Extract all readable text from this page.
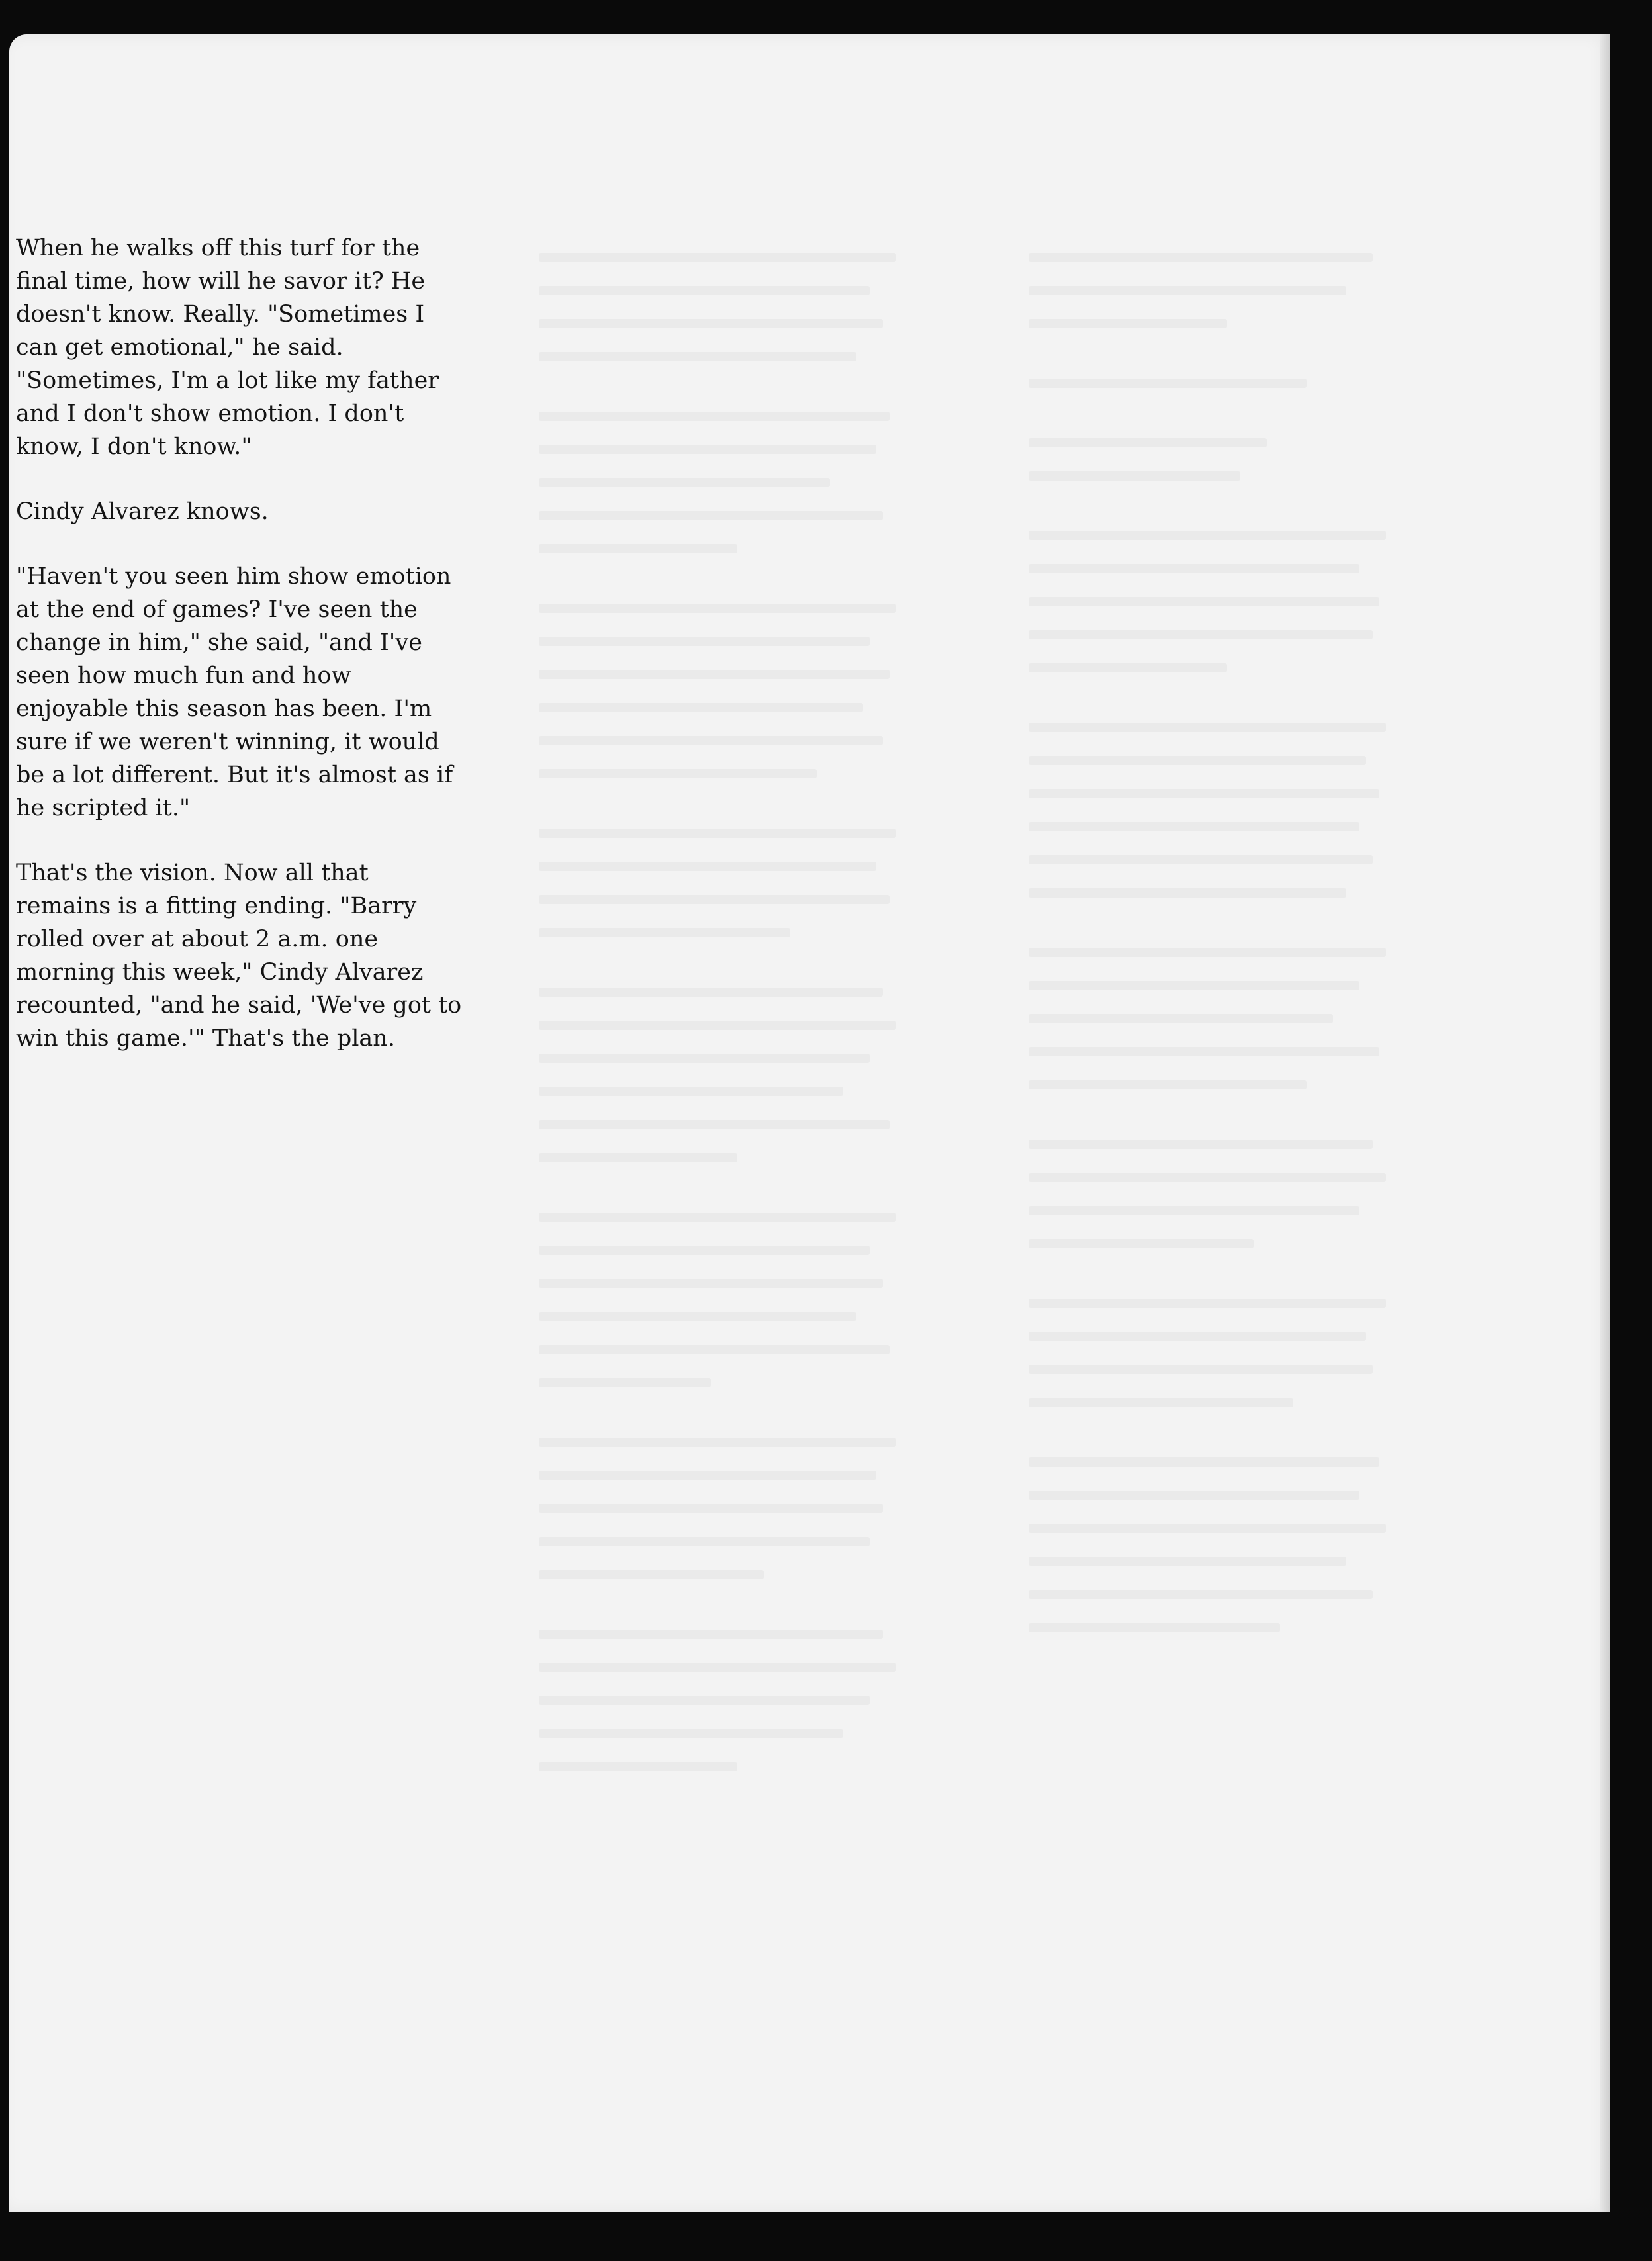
When he walks off this turf for the
final time, how will he savor it? He
doesn't know. Really. "Sometimes I
can get emotional," he said.
"Sometimes, I'm a lot like my father
and I don't show emotion. I don't
know, I don't know."

Cindy Alvarez knows.

"Haven't you seen him show emotion
at the end of games? I've seen the
change in him," she said, "and I've
seen how much fun and how
enjoyable this season has been. I'm
sure if we weren't winning, it would
be a lot different. But it's almost as if
he scripted it."

That's the vision. Now all that
remains is a fitting ending. "Barry
rolled over at about 2 a.m. one
morning this week," Cindy Alvarez
recounted, "and he said, 'We've got to
win this game.'" That's the plan.
